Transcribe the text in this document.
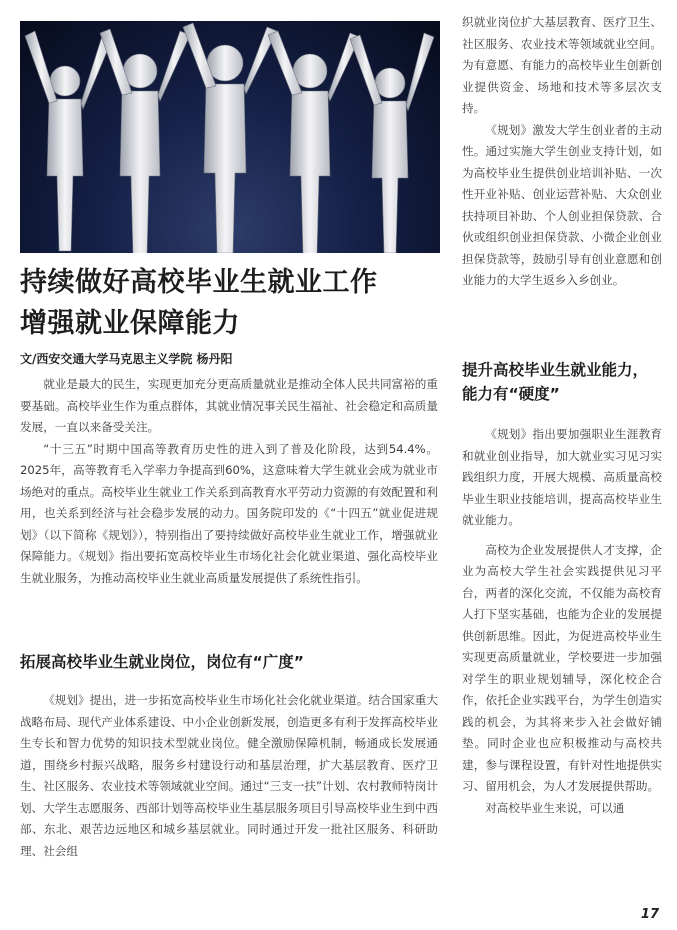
持续做好高校毕业生就业工作
增强就业保障能力
文/西安交通大学马克思主义学院 杨丹阳

就业是最大的民生，实现更加充分更高质量就业是推动全体人民共同富裕的重要基础。高校毕业生作为重点群体，其就业情况事关民生福祉、社会稳定和高质量发展，一直以来备受关注。

“十三五”时期中国高等教育历史性的进入到了普及化阶段，达到54.4%。2025年，高等教育毛入学率力争提高到60%，这意味着大学生就业会成为就业市场绝对的重点。高校毕业生就业工作关系到高教育水平劳动力资源的有效配置和利用，也关系到经济与社会稳步发展的动力。国务院印发的《“十四五”就业促进规划》（以下简称《规划》），特别指出了要持续做好高校毕业生就业工作，增强就业保障能力。《规划》指出要拓宽高校毕业生市场化社会化就业渠道、强化高校毕业生就业服务，为推动高校毕业生就业高质量发展提供了系统性指引。

拓展高校毕业生就业岗位，岗位有“广度”

《规划》提出，进一步拓宽高校毕业生市场化社会化就业渠道。结合国家重大战略布局、现代产业体系建设、中小企业创新发展，创造更多有利于发挥高校毕业生专长和智力优势的知识技术型就业岗位。健全激励保障机制，畅通成长发展通道，围绕乡村振兴战略，服务乡村建设行动和基层治理，扩大基层教育、医疗卫生、社区服务、农业技术等领域就业空间。通过“三支一扶”计划、农村教师特岗计划、大学生志愿服务、西部计划等高校毕业生基层服务项目引导高校毕业生到中西部、东北、艰苦边远地区和城乡基层就业。同时通过开发一批社区服务、科研助理、社会组

织就业岗位扩大基层教育、医疗卫生、社区服务、农业技术等领域就业空间。为有意愿、有能力的高校毕业生创新创业提供资金、场地和技术等多层次支持。

《规划》激发大学生创业者的主动性。通过实施大学生创业支持计划，如为高校毕业生提供创业培训补贴、一次性开业补贴、创业运营补贴、大众创业扶持项目补助、个人创业担保贷款、合伙或组织创业担保贷款、小微企业创业担保贷款等，鼓励引导有创业意愿和创业能力的大学生返乡入乡创业。

提升高校毕业生就业能力，能力有“硬度”

《规划》指出要加强职业生涯教育和就业创业指导，加大就业实习见习实践组织力度，开展大规模、高质量高校毕业生职业技能培训，提高高校毕业生就业能力。

高校为企业发展提供人才支撑，企业为高校大学生社会实践提供见习平台，两者的深化交流，不仅能为高校育人打下坚实基础，也能为企业的发展提供创新思维。因此，为促进高校毕业生实现更高质量就业，学校要进一步加强对学生的职业规划辅导，深化校企合作，依托企业实践平台，为学生创造实践的机会，为其将来步入社会做好铺垫。同时企业也应积极推动与高校共建，参与课程设置，有针对性地提供实习、留用机会，为人才发展提供帮助。

对高校毕业生来说，可以通

17
